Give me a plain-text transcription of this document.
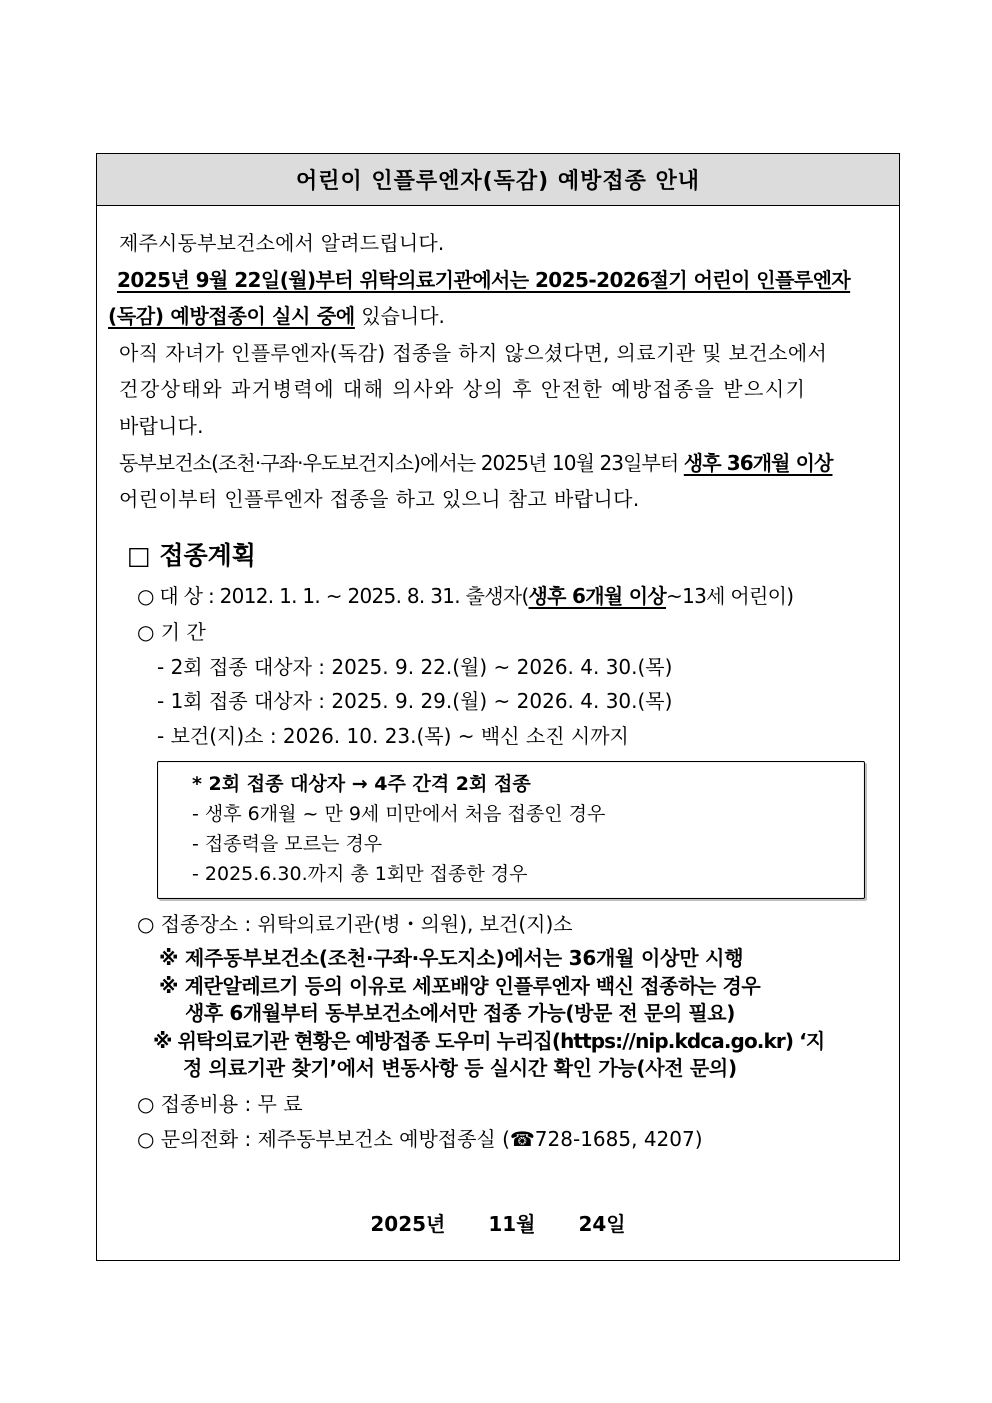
어린이 인플루엔자(독감) 예방접종 안내
제주시동부보건소에서 알려드립니다.
2025년 9월 22일(월)부터 위탁의료기관에서는 2025-2026절기 어린이 인플루엔자
(독감) 예방접종이 실시 중에 있습니다.
아직 자녀가 인플루엔자(독감) 접종을 하지 않으셨다면, 의료기관 및 보건소에서
건강상태와 과거병력에 대해 의사와 상의 후 안전한 예방접종을 받으시기
바랍니다.
동부보건소(조천·구좌·우도보건지소)에서는 2025년 10월 23일부터 생후 36개월 이상
어린이부터 인플루엔자 접종을 하고 있으니 참고 바랍니다.
□ 접종계획
○ 대 상 : 2012. 1. 1. ~ 2025. 8. 31. 출생자(생후 6개월 이상~13세 어린이)
○ 기 간
- 2회 접종 대상자 : 2025. 9. 22.(월) ~ 2026. 4. 30.(목)
- 1회 접종 대상자 : 2025. 9. 29.(월) ~ 2026. 4. 30.(목)
- 보건(지)소 : 2026. 10. 23.(목) ~ 백신 소진 시까지
* 2회 접종 대상자 → 4주 간격 2회 접종
- 생후 6개월 ~ 만 9세 미만에서 처음 접종인 경우
- 접종력을 모르는 경우
- 2025.6.30.까지 총 1회만 접종한 경우
○ 접종장소 : 위탁의료기관(병・의원), 보건(지)소
※ 제주동부보건소(조천·구좌·우도지소)에서는 36개월 이상만 시행
※ 계란알레르기 등의 이유로 세포배양 인플루엔자 백신 접종하는 경우
생후 6개월부터 동부보건소에서만 접종 가능(방문 전 문의 필요)
※ 위탁의료기관 현황은 예방접종 도우미 누리집(https://nip.kdca.go.kr) ‘지
정 의료기관 찾기’에서 변동사항 등 실시간 확인 가능(사전 문의)
○ 접종비용 : 무 료
○ 문의전화 : 제주동부보건소 예방접종실 (☎728-1685, 4207)
2025년 11월 24일
